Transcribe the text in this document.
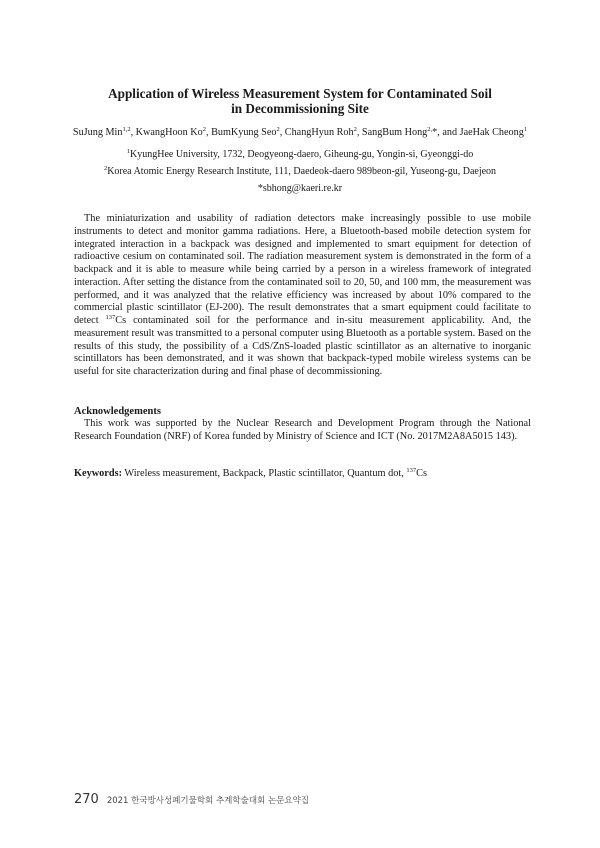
Application of Wireless Measurement System for Contaminated Soil
in Decommissioning Site
SuJung Min$^{1,2}$, KwangHoon Ko$^2$, BumKyung Seo$^2$, ChangHyun Roh$^2$, SangBum Hong$^{2,}$*, and JaeHak Cheong$^1$
$^1$KyungHee University, 1732, Deogyeong-daero, Giheung-gu, Yongin-si, Gyeonggi-do
$^2$Korea Atomic Energy Research Institute, 111, Daedeok-daero 989beon-gil, Yuseong-gu, Daejeon
*sbhong@kaeri.re.kr

The miniaturization and usability of radiation detectors make increasingly possible to use mobile instruments to detect and monitor gamma radiations. Here, a Bluetooth-based mobile detection system for integrated interaction in a backpack was designed and implemented to smart equipment for detection of radioactive cesium on contaminated soil. The radiation measurement system is demonstrated in the form of a backpack and it is able to measure while being carried by a person in a wireless framework of integrated interaction. After setting the distance from the contaminated soil to 20, 50, and 100 mm, the measurement was performed, and it was analyzed that the relative efficiency was increased by about 10% compared to the commercial plastic scintillator (EJ-200). The result demonstrates that a smart equipment could facilitate to detect $^{137}$Cs contaminated soil for the performance and in-situ measurement applicability. And, the measurement result was transmitted to a personal computer using Bluetooth as a portable system. Based on the results of this study, the possibility of a CdS/ZnS-loaded plastic scintillator as an alternative to inorganic scintillators has been demonstrated, and it was shown that backpack-typed mobile wireless systems can be useful for site characterization during and final phase of decommissioning.

Acknowledgements

This work was supported by the Nuclear Research and Development Program through the National Research Foundation (NRF) of Korea funded by Ministry of Science and ICT (No. 2017M2A8A5015 143).

Keywords: Wireless measurement, Backpack, Plastic scintillator, Quantum dot, $^{137}$Cs
270 2021 한국방사성폐기물학회 추계학술대회 논문요약집
